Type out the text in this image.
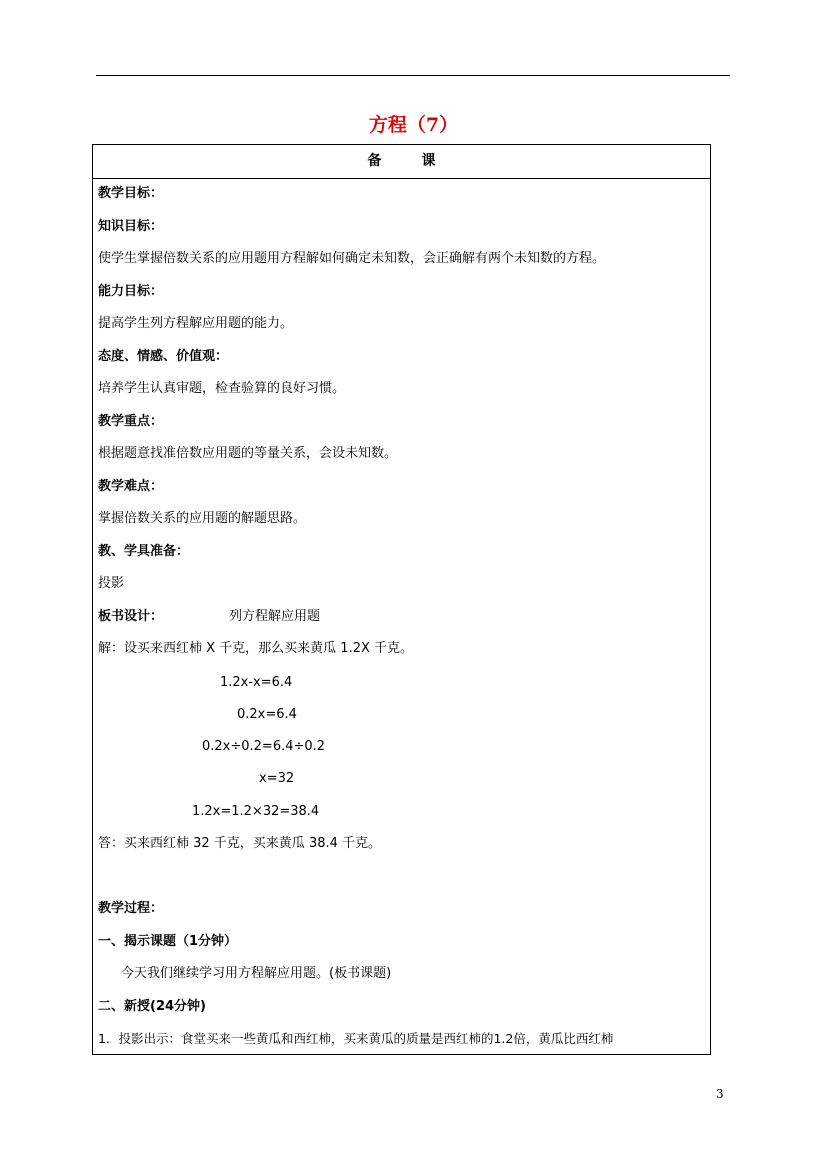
方程（7）
备	课
教学目标：
知识目标：
使学生掌握倍数关系的应用题用方程解如何确定未知数，会正确解有两个未知数的方程。
能力目标：
提高学生列方程解应用题的能力。
态度、情感、价值观：
培养学生认真审题，检查验算的良好习惯。
教学重点：
根据题意找准倍数应用题的等量关系，会设未知数。
教学难点：
掌握倍数关系的应用题的解题思路。
教、学具准备：
投影
板书设计：	列方程解应用题
解：设买来西红柿 X 千克，那么买来黄瓜 1.2X 千克。
1.2x-x=6.4
0.2x=6.4
0.2x÷0.2=6.4÷0.2
x=32
1.2x=1.2×32=38.4
答：买来西红柿 32 千克，买来黄瓜 38.4 千克。
教学过程：
一、揭示课题（1分钟）
今天我们继续学习用方程解应用题。(板书课题)
二、新授(24分钟)
1．投影出示：食堂买来一些黄瓜和西红柿，买来黄瓜的质量是西红柿的1.2倍，黄瓜比西红柿
3
